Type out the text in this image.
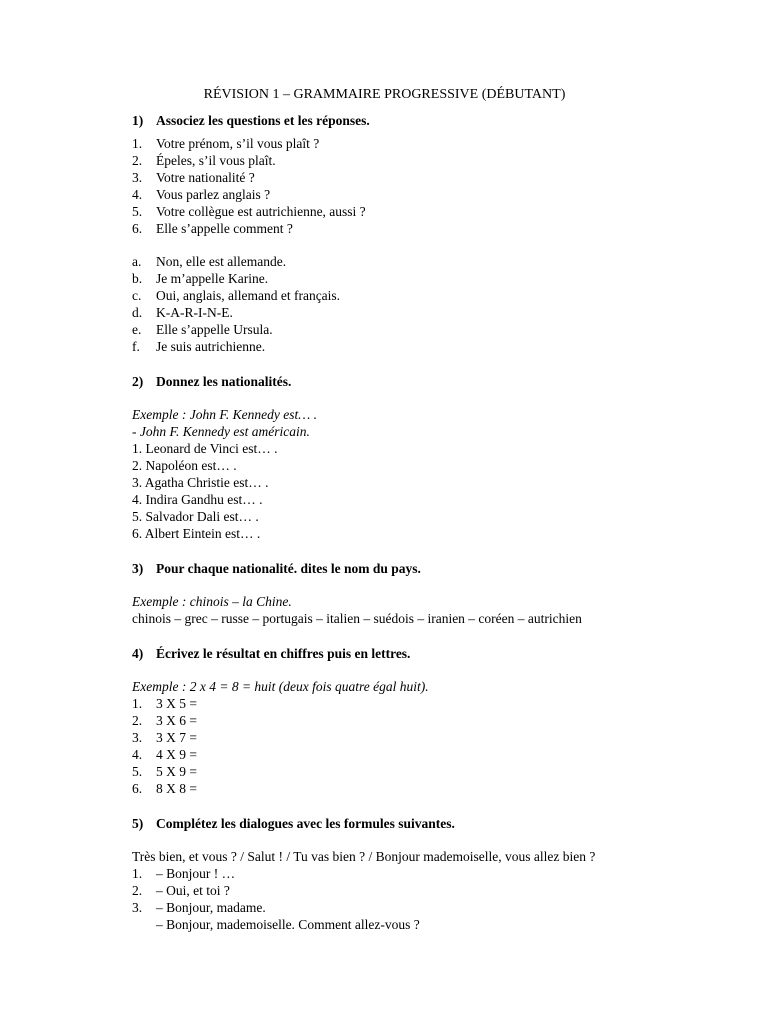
RÉVISION 1 – GRAMMAIRE PROGRESSIVE (DÉBUTANT)
1) Associez les questions et les réponses.
1.	Votre prénom, s’il vous plaît ?
2.	Épeles, s’il vous plaît.
3.	Votre nationalité ?
4.	Vous parlez anglais ?
5.	Votre collègue est autrichienne, aussi ?
6.	Elle s’appelle comment ?
a.	Non, elle est allemande.
b.	Je m’appelle Karine.
c.	Oui, anglais, allemand et français.
d.	K-A-R-I-N-E.
e.	Elle s’appelle Ursula.
f.	Je suis autrichienne.
2) Donnez les nationalités.
Exemple : John F. Kennedy est… .
- John F. Kennedy est américain.
1. Leonard de Vinci est… .
2. Napoléon est… .
3. Agatha Christie est… .
4. Indira Gandhu est… .
5. Salvador Dali est… .
6. Albert Eintein est… .
3) Pour chaque nationalité. dites le nom du pays.
Exemple : chinois – la Chine.
chinois – grec – russe – portugais – italien – suédois – iranien – coréen – autrichien
4) Écrivez le résultat en chiffres puis en lettres.
Exemple : 2 x 4 = 8 = huit (deux fois quatre égal huit).
1.	3 X 5 =
2.	3 X 6 =
3.	3 X 7 =
4.	4 X 9 =
5.	5 X 9 =
6.	8 X 8 =
5) Complétez les dialogues avec les formules suivantes.
Très bien, et vous ? / Salut ! / Tu vas bien ? / Bonjour mademoiselle, vous allez bien ?
1.	– Bonjour ! …
2.	– Oui, et toi ?
3.	– Bonjour, madame.
– Bonjour, mademoiselle. Comment allez-vous ?
